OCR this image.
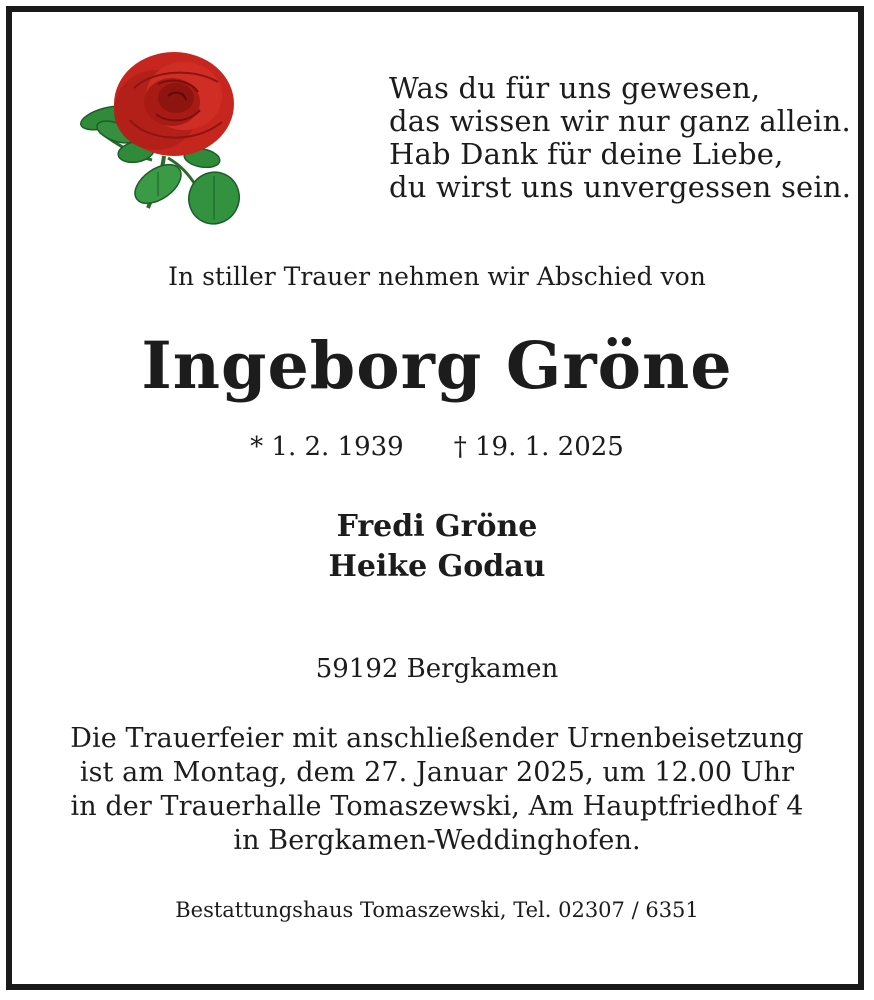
Was du für uns gewesen,
das wissen wir nur ganz allein.
Hab Dank für deine Liebe,
du wirst uns unvergessen sein.
In stiller Trauer nehmen wir Abschied von
Ingeborg Gröne
* 1. 2. 1939 † 19. 1. 2025
Fredi Gröne
Heike Godau
59192 Bergkamen
Die Trauerfeier mit anschließender Urnenbeisetzung
ist am Montag, dem 27. Januar 2025, um 12.00 Uhr
in der Trauerhalle Tomaszewski, Am Hauptfriedhof 4
in Bergkamen-Weddinghofen.
Bestattungshaus Tomaszewski, Tel. 02307 / 6351
